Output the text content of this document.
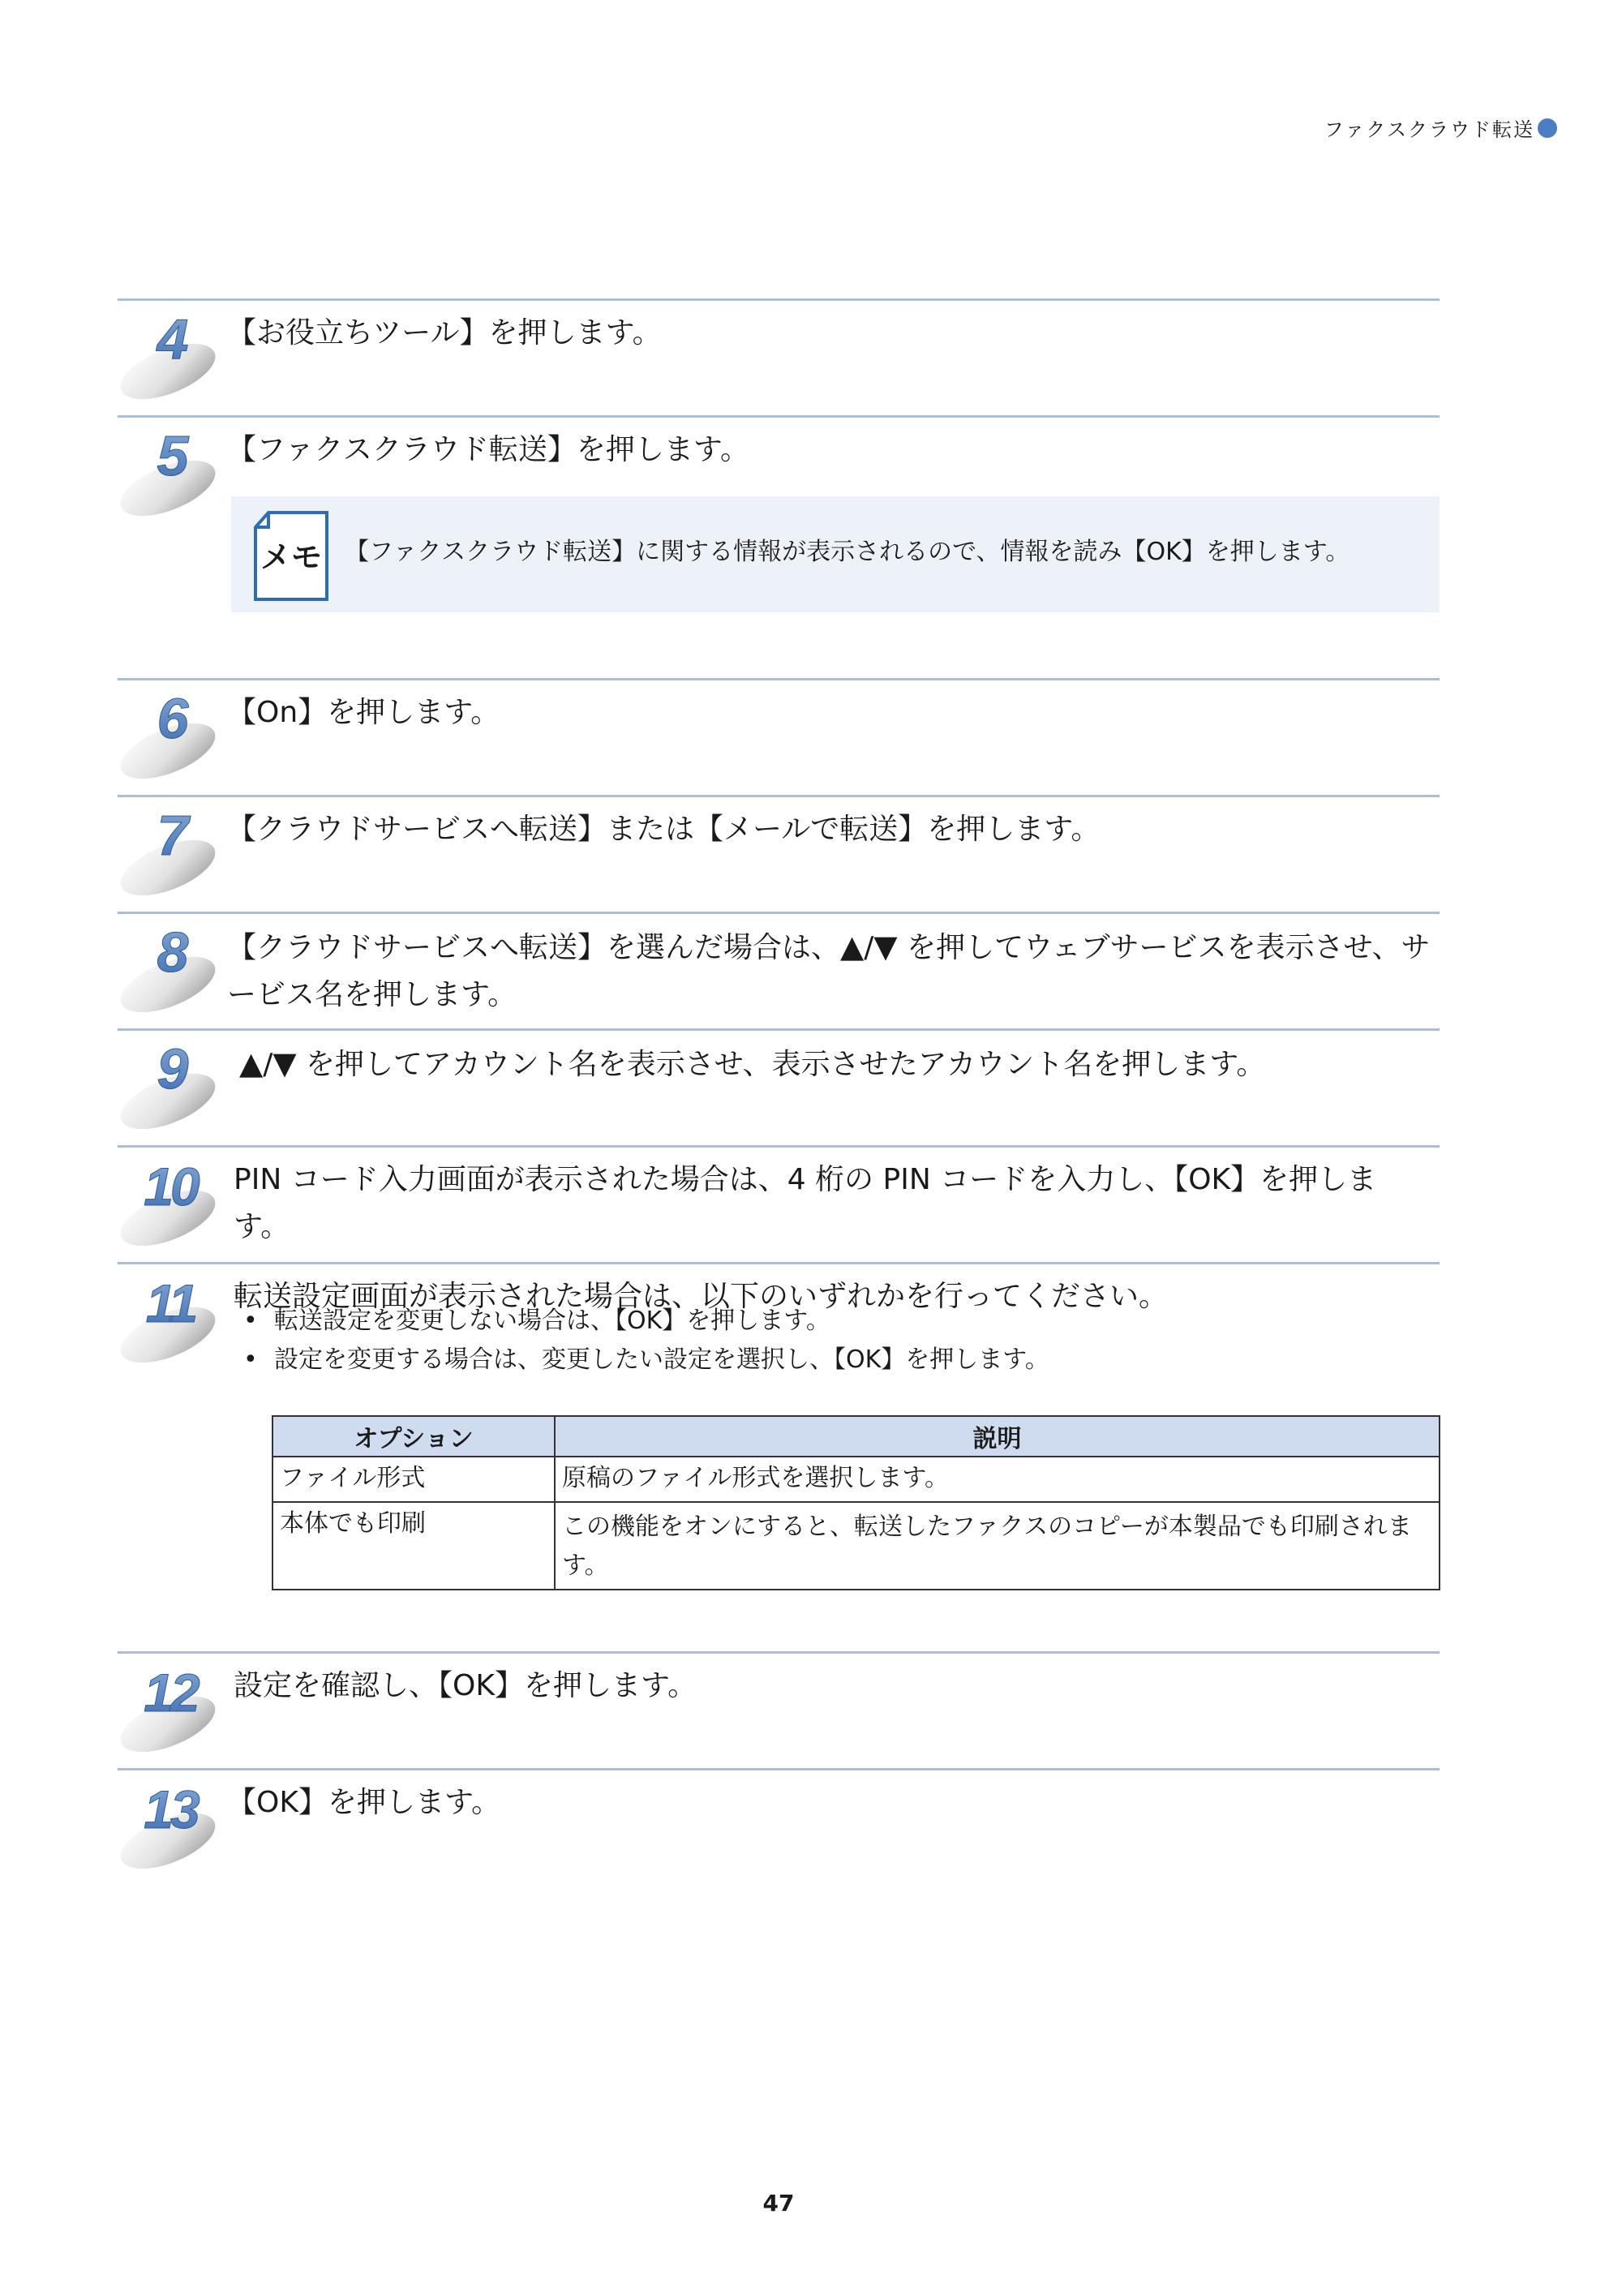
ファクスクラウド転送
4 【お役立ちツール】を押します。
5 【ファクスクラウド転送】を押します。
メモ 【ファクスクラウド転送】に関する情報が表示されるので、情報を読み【OK】を押します。
6 【On】を押します。
7 【クラウドサービスへ転送】または【メールで転送】を押します。
8 【クラウドサービスへ転送】を選んだ場合は、▲/▼ を押してウェブサービスを表示させ、サービス名を押します。
9 ▲/▼ を押してアカウント名を表示させ、表示させたアカウント名を押します。
10 PIN コード入力画面が表示された場合は、4 桁の PIN コードを入力し、【OK】を押します。
11 転送設定画面が表示された場合は、以下のいずれかを行ってください。
• 転送設定を変更しない場合は、【OK】を押します。
• 設定を変更する場合は、変更したい設定を選択し、【OK】を押します。
オプション	説明
ファイル形式	原稿のファイル形式を選択します。
本体でも印刷	この機能をオンにすると、転送したファクスのコピーが本製品でも印刷されます。
12 設定を確認し、【OK】を押します。
13 【OK】を押します。
47
